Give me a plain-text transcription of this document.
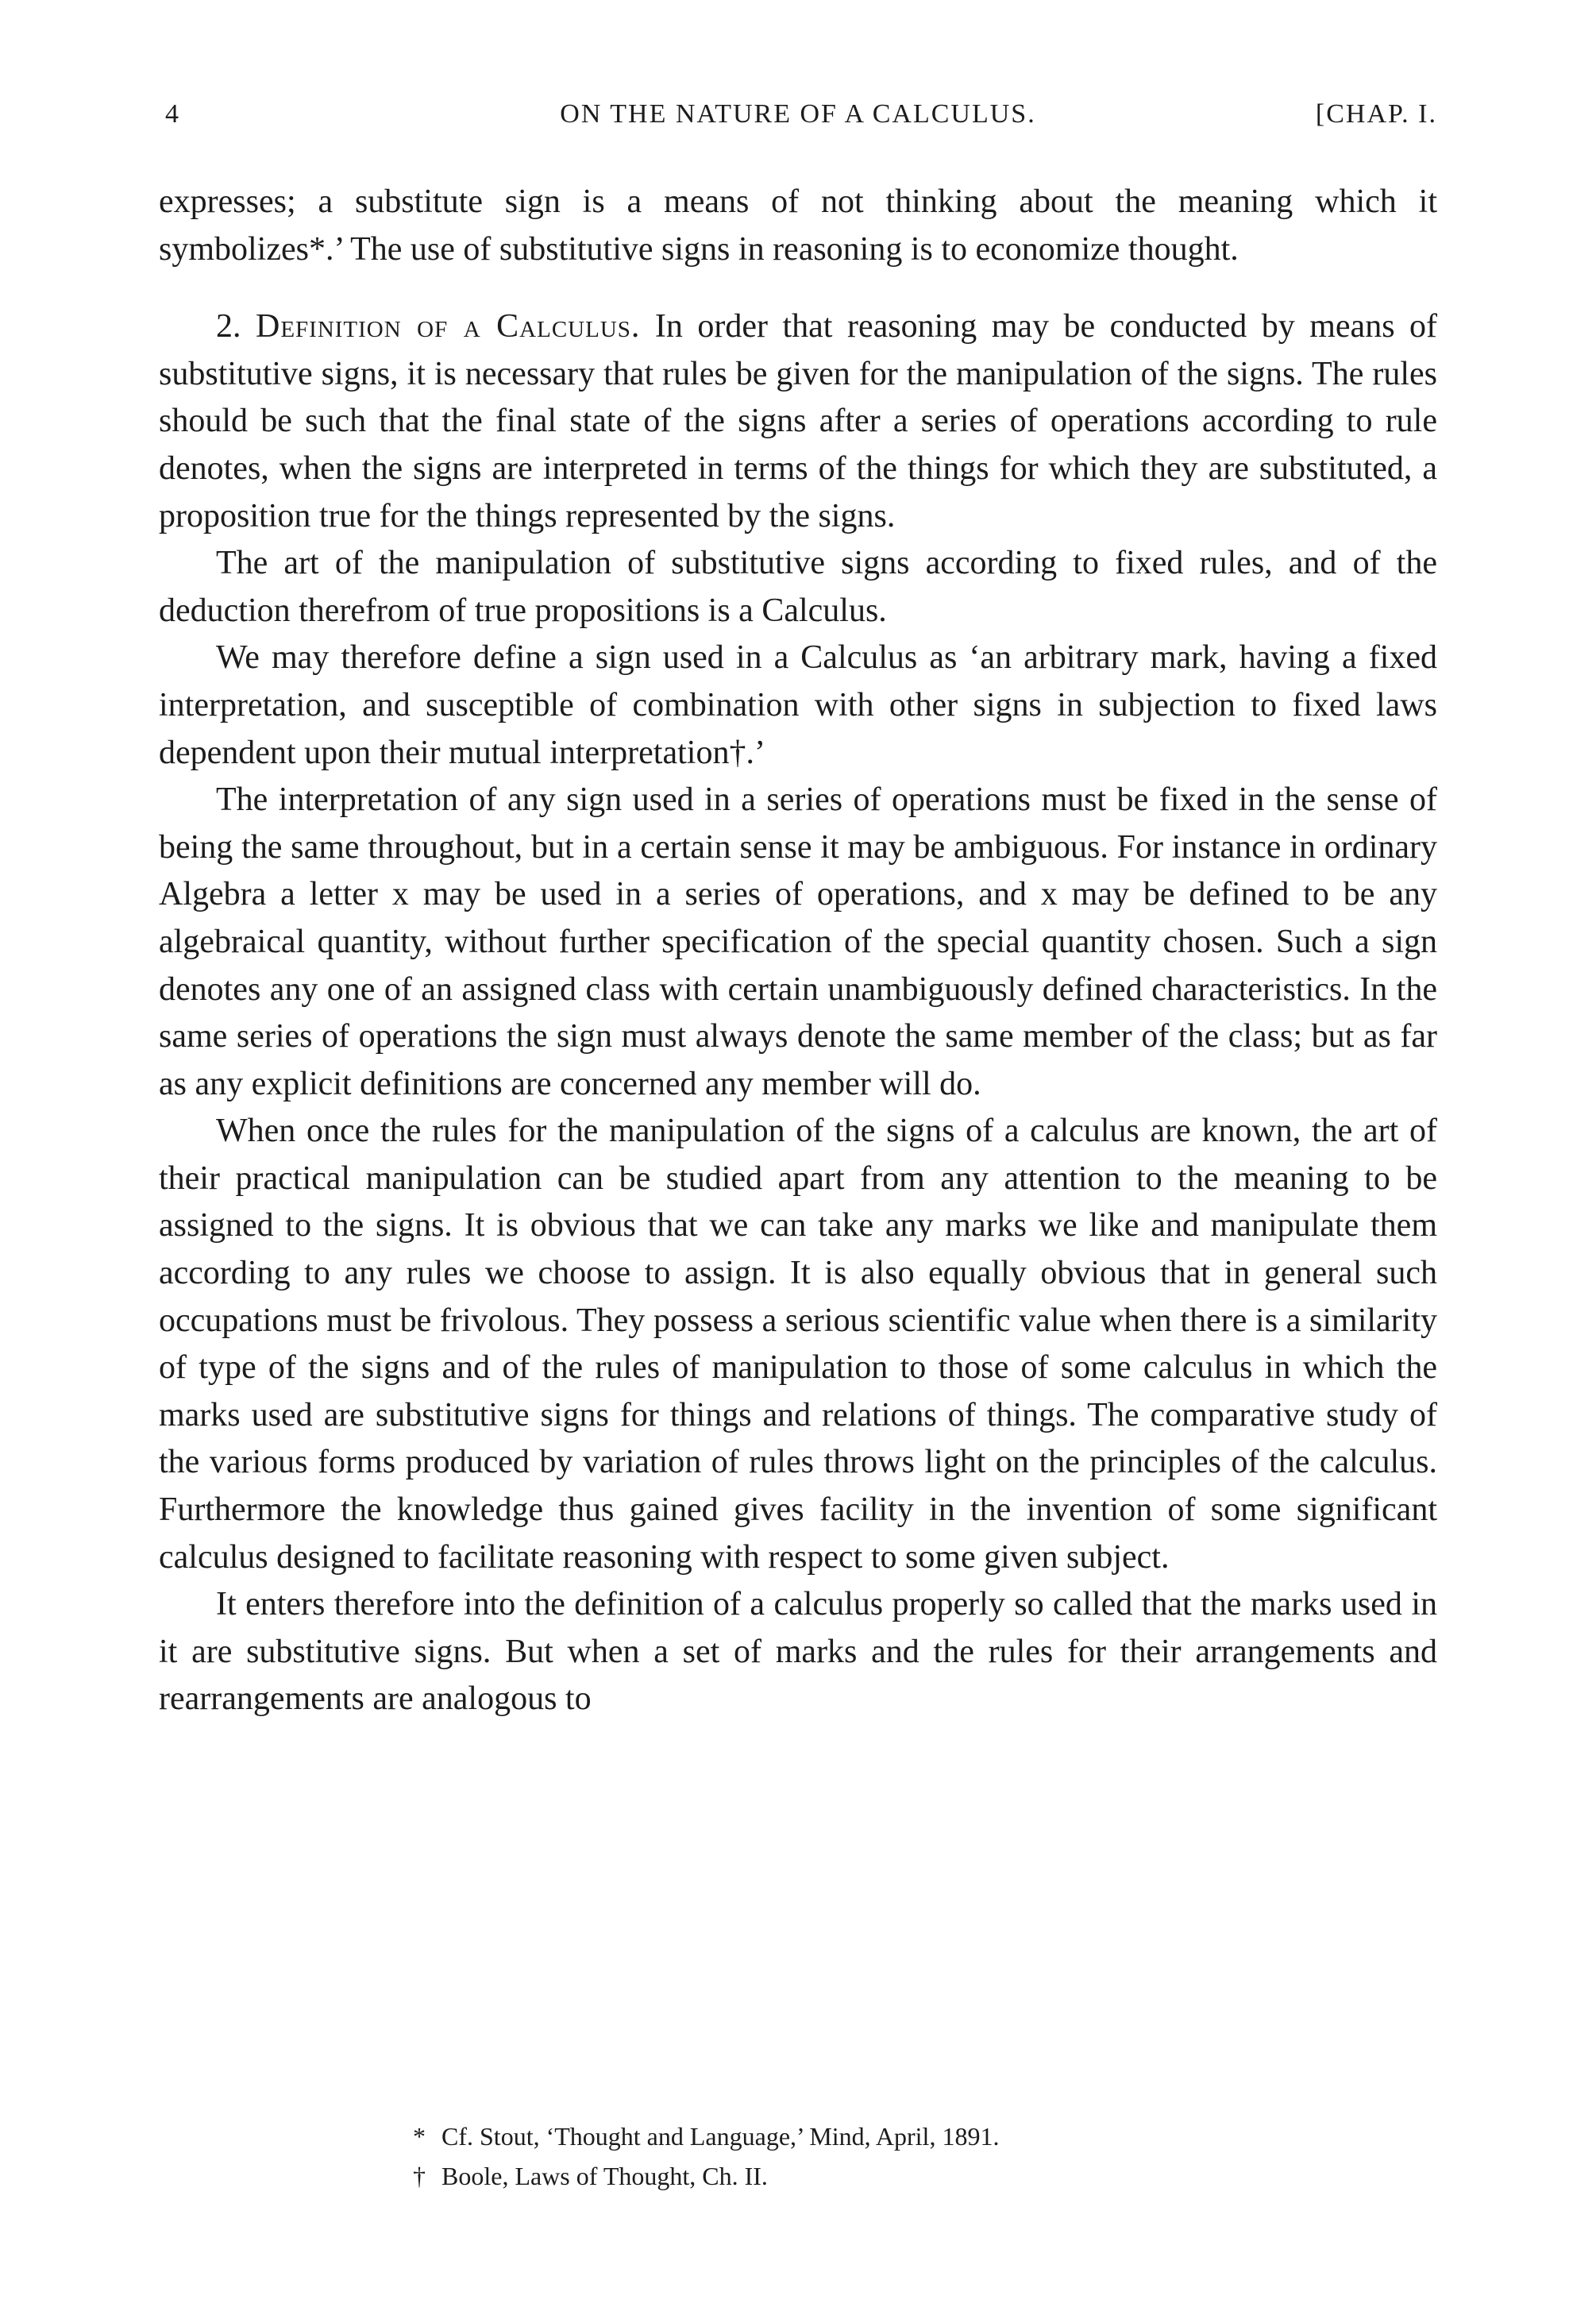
4	ON THE NATURE OF A CALCULUS.	[CHAP. I.

expresses; a substitute sign is a means of not thinking about the meaning which it symbolizes*.’ The use of substitutive signs in reasoning is to economize thought.

2. Definition of a Calculus. In order that reasoning may be conducted by means of substitutive signs, it is necessary that rules be given for the manipulation of the signs. The rules should be such that the final state of the signs after a series of operations according to rule denotes, when the signs are interpreted in terms of the things for which they are substituted, a proposition true for the things represented by the signs.

The art of the manipulation of substitutive signs according to fixed rules, and of the deduction therefrom of true propositions is a Calculus.

We may therefore define a sign used in a Calculus as ‘an arbitrary mark, having a fixed interpretation, and susceptible of combination with other signs in subjection to fixed laws dependent upon their mutual interpretation†.’

The interpretation of any sign used in a series of operations must be fixed in the sense of being the same throughout, but in a certain sense it may be ambiguous. For instance in ordinary Algebra a letter x may be used in a series of operations, and x may be defined to be any algebraical quantity, without further specification of the special quantity chosen. Such a sign denotes any one of an assigned class with certain unambiguously defined characteristics. In the same series of operations the sign must always denote the same member of the class; but as far as any explicit definitions are concerned any member will do.

When once the rules for the manipulation of the signs of a calculus are known, the art of their practical manipulation can be studied apart from any attention to the meaning to be assigned to the signs. It is obvious that we can take any marks we like and manipulate them according to any rules we choose to assign. It is also equally obvious that in general such occupations must be frivolous. They possess a serious scientific value when there is a similarity of type of the signs and of the rules of manipulation to those of some calculus in which the marks used are substitutive signs for things and relations of things. The comparative study of the various forms produced by variation of rules throws light on the principles of the calculus. Furthermore the knowledge thus gained gives facility in the invention of some significant calculus designed to facilitate reasoning with respect to some given subject.

It enters therefore into the definition of a calculus properly so called that the marks used in it are substitutive signs. But when a set of marks and the rules for their arrangements and rearrangements are analogous to

* Cf. Stout, ‘Thought and Language,’ Mind, April, 1891.
† Boole, Laws of Thought, Ch. II.
